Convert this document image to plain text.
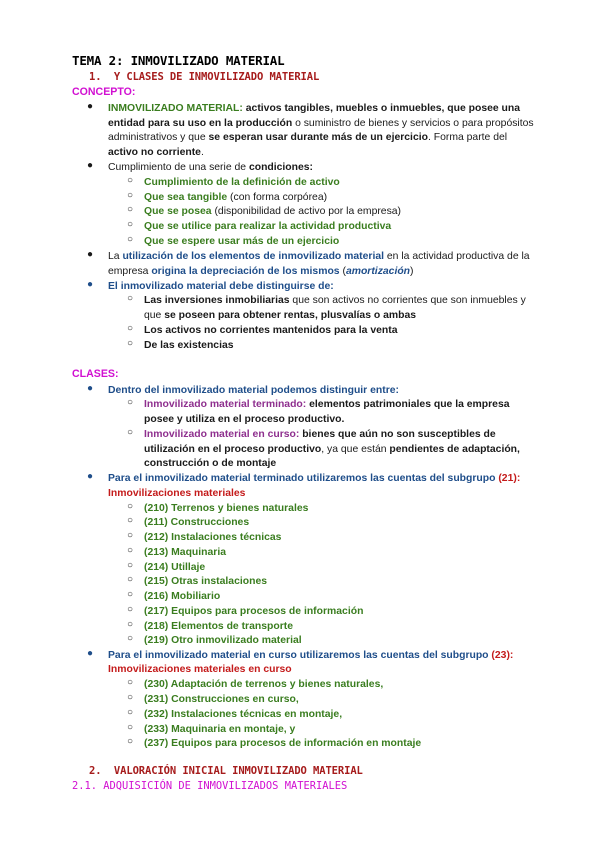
TEMA 2: INMOVILIZADO MATERIAL
1. Y CLASES DE INMOVILIZADO MATERIAL
CONCEPTO:
● INMOVILIZADO MATERIAL: activos tangibles, muebles o inmuebles, que posee una
entidad para su uso en la producción o suministro de bienes y servicios o para propósitos
administrativos y que se esperan usar durante más de un ejercicio. Forma parte del
activo no corriente.
● Cumplimiento de una serie de condiciones:
○ Cumplimiento de la definición de activo
○ Que sea tangible (con forma corpórea)
○ Que se posea (disponibilidad de activo por la empresa)
○ Que se utilice para realizar la actividad productiva
○ Que se espere usar más de un ejercicio
● La utilización de los elementos de inmovilizado material en la actividad productiva de la
empresa origina la depreciación de los mismos (amortización)
● El inmovilizado material debe distinguirse de:
○ Las inversiones inmobiliarias que son activos no corrientes que son inmuebles y
que se poseen para obtener rentas, plusvalías o ambas
○ Los activos no corrientes mantenidos para la venta
○ De las existencias
CLASES:
● Dentro del inmovilizado material podemos distinguir entre:
○ Inmovilizado material terminado: elementos patrimoniales que la empresa
posee y utiliza en el proceso productivo.
○ Inmovilizado material en curso: bienes que aún no son susceptibles de
utilización en el proceso productivo, ya que están pendientes de adaptación,
construcción o de montaje
● Para el inmovilizado material terminado utilizaremos las cuentas del subgrupo (21):
Inmovilizaciones materiales
○ (210) Terrenos y bienes naturales
○ (211) Construcciones
○ (212) Instalaciones técnicas
○ (213) Maquinaria
○ (214) Utillaje
○ (215) Otras instalaciones
○ (216) Mobiliario
○ (217) Equipos para procesos de información
○ (218) Elementos de transporte
○ (219) Otro inmovilizado material
● Para el inmovilizado material en curso utilizaremos las cuentas del subgrupo (23):
Inmovilizaciones materiales en curso
○ (230) Adaptación de terrenos y bienes naturales,
○ (231) Construcciones en curso,
○ (232) Instalaciones técnicas en montaje,
○ (233) Maquinaria en montaje, y
○ (237) Equipos para procesos de información en montaje
2. VALORACIÓN INICIAL INMOVILIZADO MATERIAL
2.1. ADQUISICIÓN DE INMOVILIZADOS MATERIALES
